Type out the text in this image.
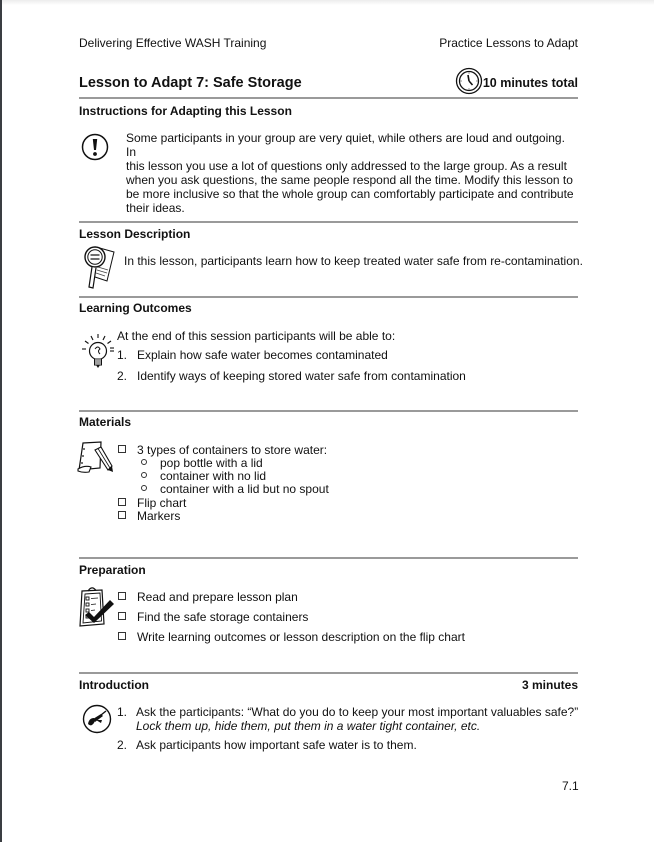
Delivering Effective WASH Training	Practice Lessons to Adapt
Lesson to Adapt 7: Safe Storage	10 minutes total
Instructions for Adapting this Lesson
Some participants in your group are very quiet, while others are loud and outgoing. In
this lesson you use a lot of questions only addressed to the large group. As a result
when you ask questions, the same people respond all the time. Modify this lesson to
be more inclusive so that the whole group can comfortably participate and contribute
their ideas.
Lesson Description
In this lesson, participants learn how to keep treated water safe from re-contamination.
Learning Outcomes
At the end of this session participants will be able to:
1. Explain how safe water becomes contaminated
2. Identify ways of keeping stored water safe from contamination
Materials
3 types of containers to store water:
pop bottle with a lid
container with no lid
container with a lid but no spout
Flip chart
Markers
Preparation
Read and prepare lesson plan
Find the safe storage containers
Write learning outcomes or lesson description on the flip chart
Introduction	3 minutes
1. Ask the participants: “What do you do to keep your most important valuables safe?”
Lock them up, hide them, put them in a water tight container, etc.
2. Ask participants how important safe water is to them.
7.1
